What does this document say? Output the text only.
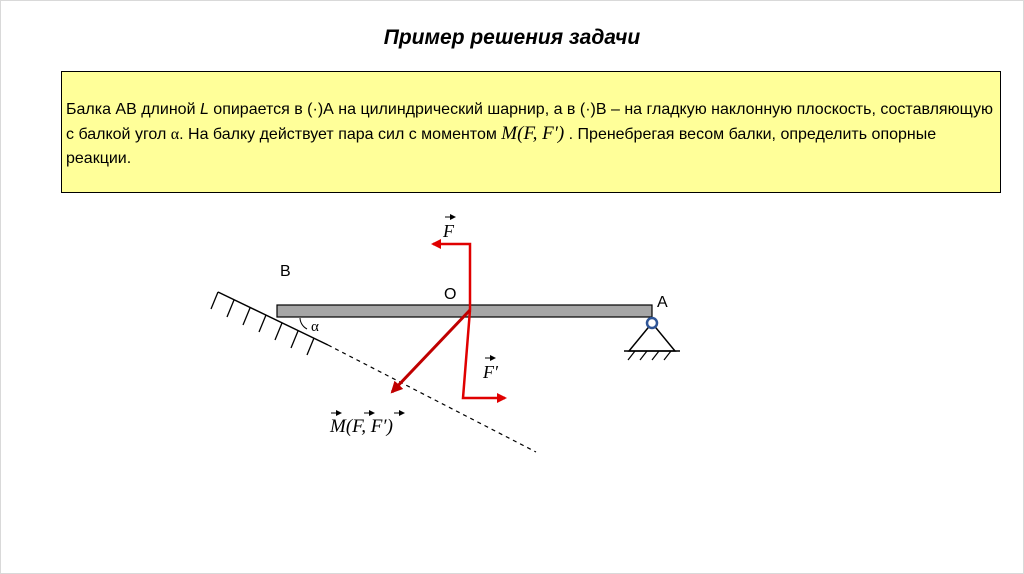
Пример решения задачи
Балка АВ длиной L опирается в (·)А на цилиндрический шарнир, а в (·)В – на гладкую наклонную плоскость, составляющую с балкой угол α. На балку действует пара сил с моментом M(F, F′) . Пренебрегая весом балки, определить опорные реакции.
B
O	A
α
F
F′
M(F, F′)
